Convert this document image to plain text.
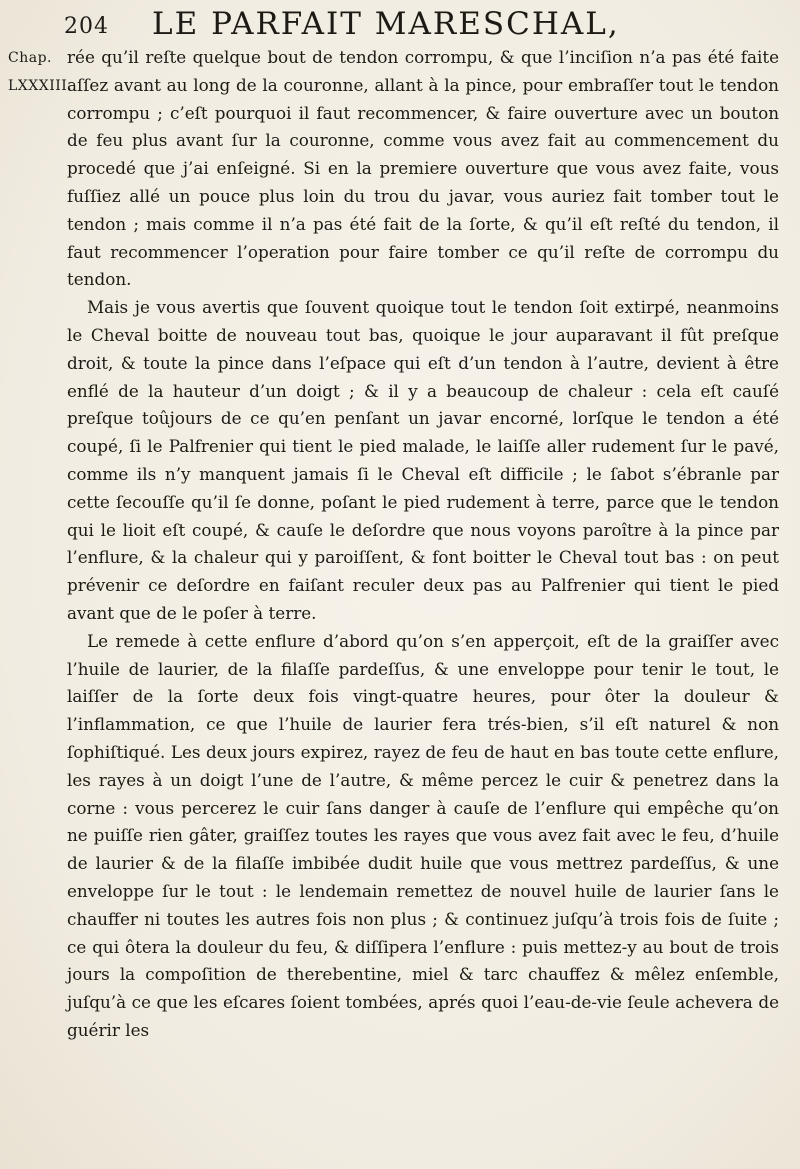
204 LE PARFAIT MARESCHAL,
Chap.
LXXXIII.

rée qu’il reſte quelque bout de tendon corrompu, & que l’inciſion n’a pas été faite aſſez avant au long de la couronne, allant à la pince, pour embraſſer tout le tendon corrompu ; c’eſt pourquoi il faut recommencer, & faire ouverture avec un bouton de feu plus avant ſur la couronne, comme vous avez fait au commencement du procedé que j’ai enſeigné. Si en la premiere ouverture que vous avez faite, vous fuſſiez allé un pouce plus loin du trou du javar, vous auriez fait tomber tout le tendon ; mais comme il n’a pas été fait de la ſorte, & qu’il eſt reſté du tendon, il faut recommencer l’operation pour faire tomber ce qu’il reſte de corrompu du tendon.

Mais je vous avertis que ſouvent quoique tout le tendon ſoit extirpé, neanmoins le Cheval boitte de nouveau tout bas, quoique le jour auparavant il fût preſque droit, & toute la pince dans l’eſpace qui eſt d’un tendon à l’autre, devient à être enflé de la hauteur d’un doigt ; & il y a beaucoup de chaleur : cela eſt cauſé preſque toûjours de ce qu’en penſant un javar encorné, lorſque le tendon a été coupé, ſi le Palfrenier qui tient le pied malade, le laiſſe aller rudement ſur le pavé, comme ils n’y manquent jamais ſi le Cheval eſt difficile ; le ſabot s’ébranle par cette ſecouſſe qu’il ſe donne, poſant le pied rudement à terre, parce que le tendon qui le lioit eſt coupé, & cauſe le deſordre que nous voyons paroître à la pince par l’enflure, & la chaleur qui y paroiſſent, & font boitter le Cheval tout bas : on peut prévenir ce deſordre en faiſant reculer deux pas au Palfrenier qui tient le pied avant que de le poſer à terre.

Le remede à cette enflure d’abord qu’on s’en apperçoit, eſt de la graiſſer avec l’huile de laurier, de la filaſſe pardeſſus, & une enveloppe pour tenir le tout, le laiſſer de la ſorte deux fois vingt-quatre heures, pour ôter la douleur & l’inflammation, ce que l’huile de laurier fera trés-bien, s’il eſt naturel & non ſophiſtiqué. Les deux jours expirez, rayez de feu de haut en bas toute cette enflure, les rayes à un doigt l’une de l’autre, & même percez le cuir & penetrez dans la corne : vous percerez le cuir ſans danger à cauſe de l’enflure qui empêche qu’on ne puiſſe rien gâter, graiſſez toutes les rayes que vous avez fait avec le feu, d’huile de laurier & de la filaſſe imbibée dudit huile que vous mettrez pardeſſus, & une enveloppe ſur le tout : le lendemain remettez de nouvel huile de laurier ſans le chauffer ni toutes les autres fois non plus ; & continuez juſqu’à trois fois de ſuite ; ce qui ôtera la douleur du feu, & diſſipera l’enflure : puis mettez-y au bout de trois jours la compoſition de therebentine, miel & tarc chauffez & mêlez enſemble, juſqu’à ce que les eſcares ſoient tombées, aprés quoi l’eau-de-vie ſeule achevera de guérir les
